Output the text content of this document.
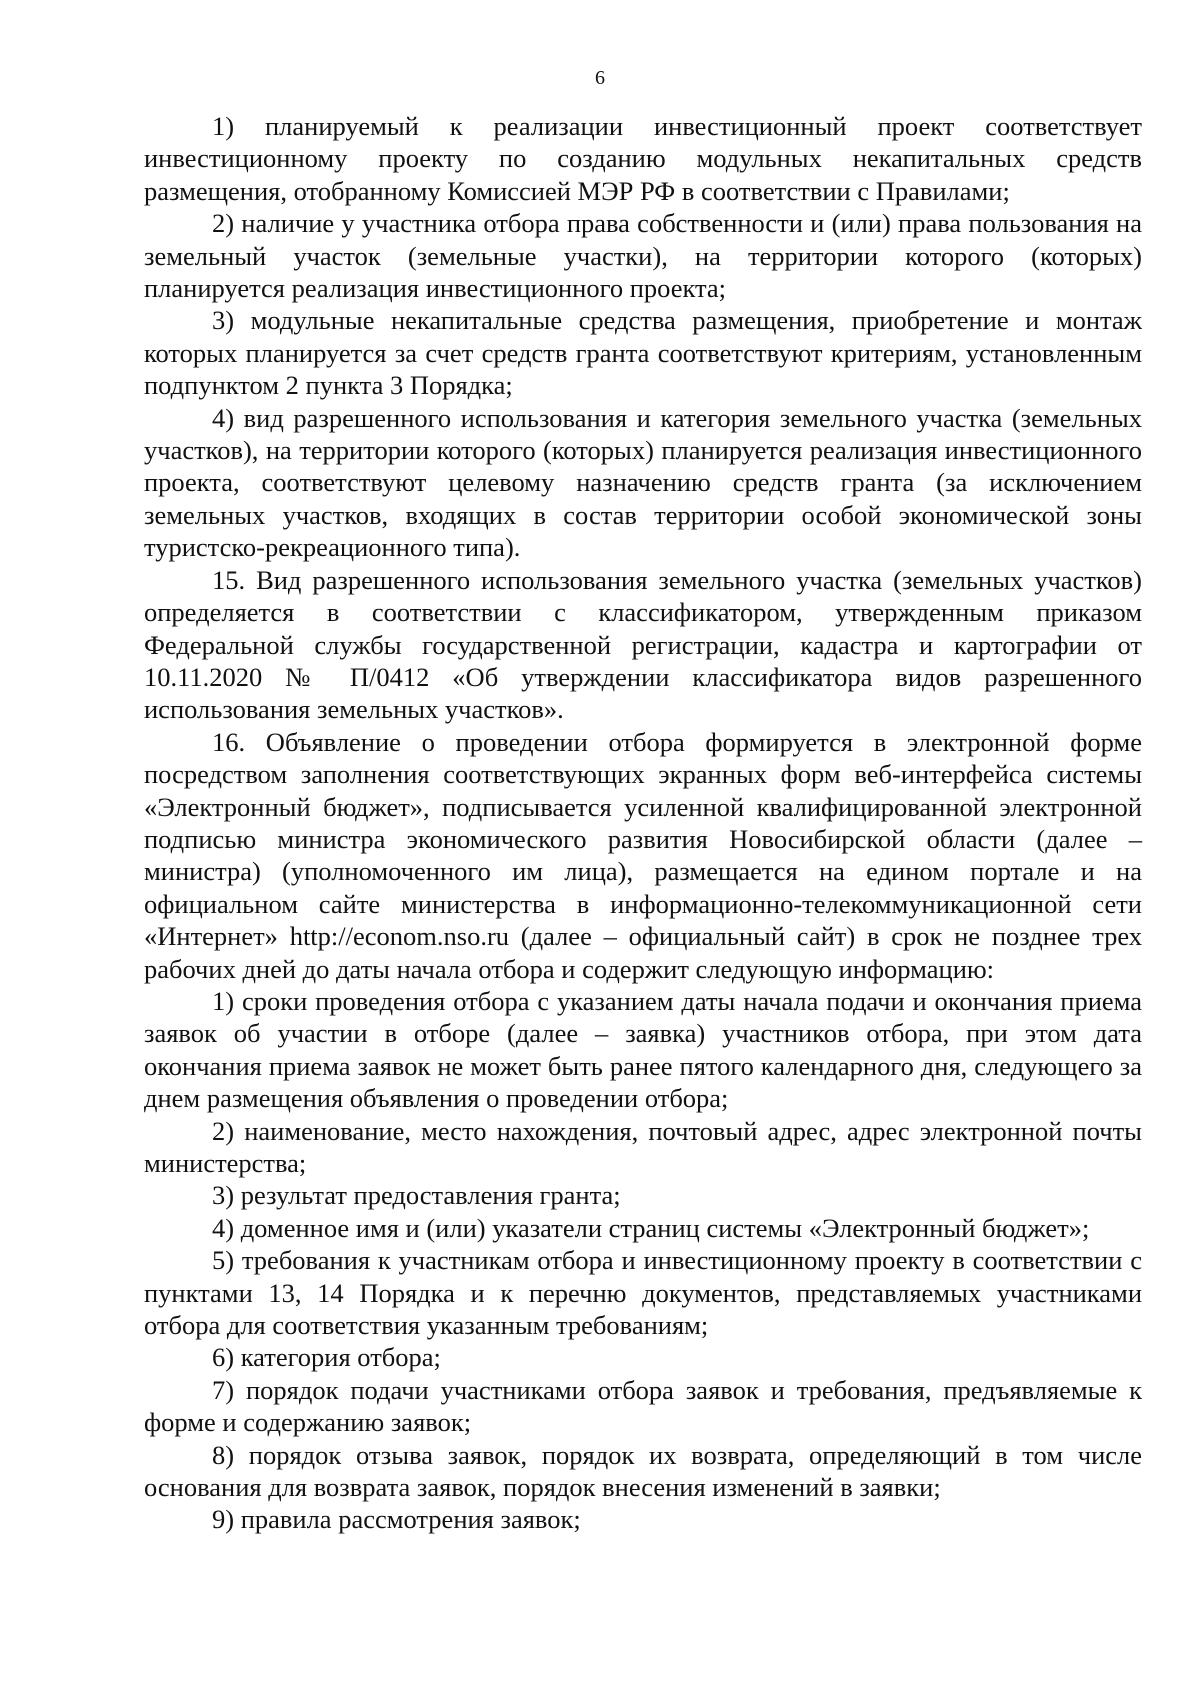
6

1) планируемый к реализации инвестиционный проект соответствует инвестиционному проекту по созданию модульных некапитальных средств размещения, отобранному Комиссией МЭР РФ в соответствии с Правилами;

2) наличие у участника отбора права собственности и (или) права пользования на земельный участок (земельные участки), на территории которого (которых) планируется реализация инвестиционного проекта;

3) модульные некапитальные средства размещения, приобретение и монтаж которых планируется за счет средств гранта соответствуют критериям, установленным подпунктом 2 пункта 3 Порядка;

4) вид разрешенного использования и категория земельного участка (земельных участков), на территории которого (которых) планируется реализация инвестиционного проекта, соответствуют целевому назначению средств гранта (за исключением земельных участков, входящих в состав территории особой экономической зоны туристско-рекреационного типа).

15. Вид разрешенного использования земельного участка (земельных участков) определяется в соответствии с классификатором, утвержденным приказом Федеральной службы государственной регистрации, кадастра и картографии от 10.11.2020 № П/0412 «Об утверждении классификатора видов разрешенного использования земельных участков».

16. Объявление о проведении отбора формируется в электронной форме посредством заполнения соответствующих экранных форм веб-интерфейса системы «Электронный бюджет», подписывается усиленной квалифицированной электронной подписью министра экономического развития Новосибирской области (далее – министра) (уполномоченного им лица), размещается на едином портале и на официальном сайте министерства в информационно-телекоммуникационной сети «Интернет» http://econom.nso.ru (далее – официальный сайт) в срок не позднее трех рабочих дней до даты начала отбора и содержит следующую информацию:

1) сроки проведения отбора с указанием даты начала подачи и окончания приема заявок об участии в отборе (далее – заявка) участников отбора, при этом дата окончания приема заявок не может быть ранее пятого календарного дня, следующего за днем размещения объявления о проведении отбора;

2) наименование, место нахождения, почтовый адрес, адрес электронной почты министерства;

3) результат предоставления гранта;

4) доменное имя и (или) указатели страниц системы «Электронный бюджет»;

5) требования к участникам отбора и инвестиционному проекту в соответствии с пунктами 13, 14 Порядка и к перечню документов, представляемых участниками отбора для соответствия указанным требованиям;

6) категория отбора;

7) порядок подачи участниками отбора заявок и требования, предъявляемые к форме и содержанию заявок;

8) порядок отзыва заявок, порядок их возврата, определяющий в том числе основания для возврата заявок, порядок внесения изменений в заявки;

9) правила рассмотрения заявок;
